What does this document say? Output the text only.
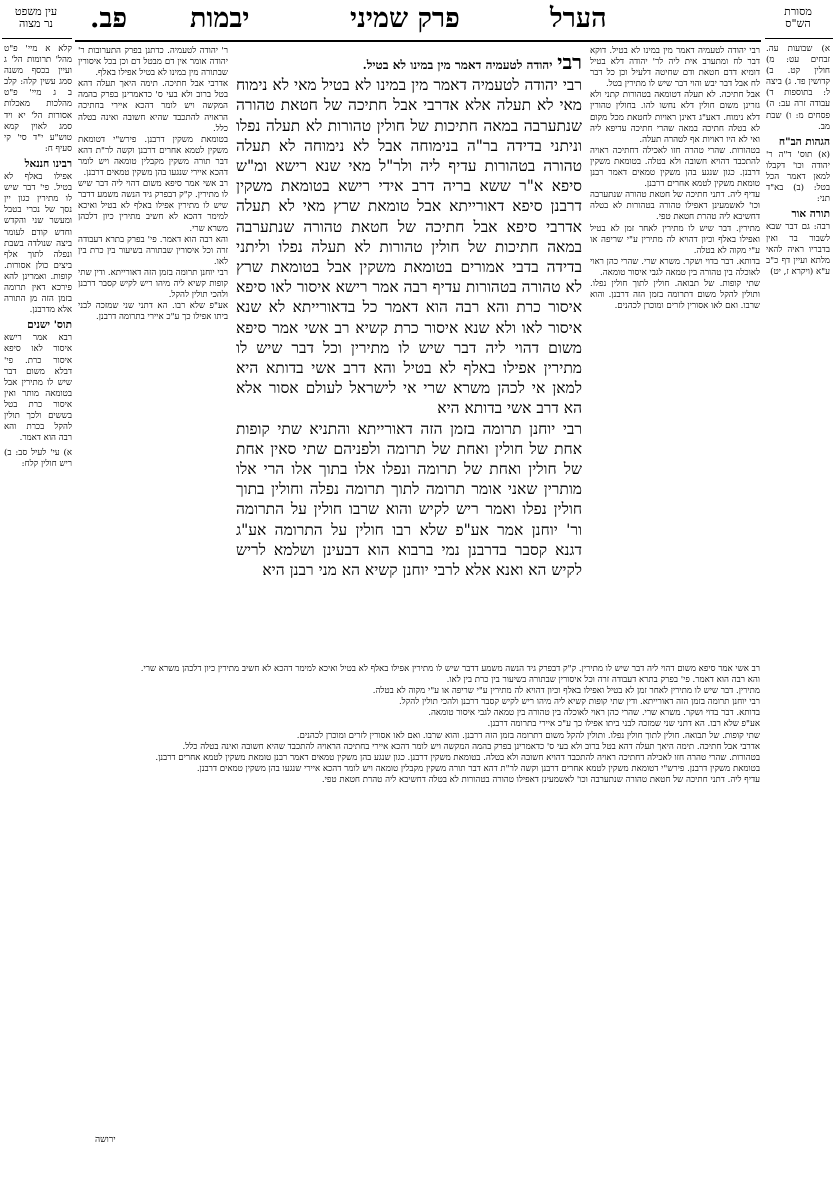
עין משפט
נר מצוה	פב. יבמות	פרק שמיני	הערל	מסורת
הש"ס

קלא א מיי' פ"ט מהל' תרומות הל' ג ועיין בכסף משנה סמג עשין קלה: קלב ב ג מיי' פ"ט מהלכות מאכלות אסורות הל' יא ויד סמג לאוין קמא טוש"ע י"ד סי' קי סעיף ח:

רבינו חננאל

אפילו באלף לא בטיל. פי' דבר שיש לו מתירין כגון יין נסך של נכרי בטבל ומעשר שני והקדש וחדש קודם לעומר ביצה שנולדה בשבת ונפלה לתוך אלף ביצים כולן אסורות. קופות. ואמרינן להא פירכא דאין תרומה בזמן הזה מן התורה אלא מדרבנן.

תוס' ישנים

רבא אמר רישא איסור לאו סיפא איסור כרת. פי' דבלא משום דבר שיש לו מתירין אבל בטומאה מותר ואין איסור כרת בטל בששים ולכך תולין להקל בכרת והא רבה הוא דאמר.

א) עי' לעיל סב: ב) ריש חולין קלח:

ר' יהודה לטעמיה. כדתנן בפרק התערובות ר' יהודה אומר אין דם מבטל דם וכן בכל איסורין שבתורה מין במינו לא בטיל אפילו באלף.

אדרבי אבל חתיכה. תימה היאך תעלה דהא בטל ברוב ולא בעי ס' כדאמרינן בפרק בהמה המקשה ויש לומר דהכא איירי בחתיכה הראויה להתכבד שהיא חשובה ואינה בטלה כלל.

בטומאת משקין דרבנן. פירש"י דטומאת משקין לטמא אחרים דרבנן וקשה לר"ת דהא דבר תורה משקין מקבלין טומאה ויש לומר דהכא איירי שנגעו בהן משקין טמאים דרבנן.

רב אשי אמר סיפא משום דהוי ליה דבר שיש לו מתירין. ק"ק דבפרק גיד הנשה משמע דדבר שיש לו מתירין אפילו באלף לא בטיל ואיכא למימר דהכא לא חשיב מתירין כיון דלכהן משרא שרי.

והא רבה הוא דאמר. פי' בפרק בתרא דעבודה זרה וכל איסורין שבתורה בשיעור בין כרת בין לאו.

רבי יוחנן תרומה בזמן הזה דאורייתא. ודין שתי קופות קשיא ליה מיהו ריש לקיש קסבר דרבנן ולהכי תולין להקל.

אע"פ שלא רבו. הא דתני שני שמזכה לבני ביתו אפילו כך ע"כ איירי בתרומה דרבנן.

רבי יהודה לטעמיה דאמר מין במינו לא בטיל.

רבי יהודה לטעמיה דאמר מין במינו לא בטיל מאי לא נימוח מאי לא תעלה אלא אדרבי אבל חתיכה של חטאת טהורה שנתערבה במאה חתיכות של חולין טהורות לא תעלה נפלו וניתני בדידה בר"ה בנימוחה אבל לא נימוחה לא תעלה טהורה בטהורות עדיף ליה ולר"ל מאי שנא רישא ומ"ש סיפא א"ר ששא בריה דרב אידי רישא בטומאת משקין דרבנן סיפא דאורייתא אבל טומאת שרץ מאי לא תעלה אדרבי סיפא אבל חתיכה של חטאת טהורה שנתערבה במאה חתיכות של חולין טהורות לא תעלה נפלו וליתני בדידה בדבי אמורים בטומאת משקין אבל בטומאת שרץ לא טהורה בטהורות עדיף רבה אמר רישא איסור לאו סיפא איסור כרת והא רבה הוא דאמר כל בדאורייתא לא שנא איסור לאו ולא שנא איסור כרת קשיא רב אשי אמר סיפא משום דהוי ליה דבר שיש לו מתירין וכל דבר שיש לו מתירין אפילו באלף לא בטיל והא דרב אשי בדותא היא למאן אי לכהן משרא שרי אי לישראל לעולם אסור אלא הא דרב אשי בדותא היא

רבי יוחנן תרומה בזמן הזה דאורייתא והתניא שתי קופות אחת של חולין ואחת של תרומה ולפניהם שתי סאין אחת של חולין ואחת של תרומה ונפלו אלו בתוך אלו הרי אלו מותרין שאני אומר תרומה לתוך תרומה נפלה וחולין בתוך חולין נפלו ואמר ריש לקיש והוא שרבו חולין על התרומה ור' יוחנן אמר אע"פ שלא רבו חולין על התרומה אע"ג דגנא קסבר בדרבנן נמי ברבוא הוא דבעינן ושלמא לריש לקיש הא ואנא אלא לרבי יוחנן קשיא הא מני רבנן היא

רבי יהודה לטעמיה דאמר מין במינו לא בטיל. דוקא דבר לח ומתערב אית ליה לר' יהודה דלא בטיל דומיא דדם חטאת ודם שחיטה דלעיל וכן כל דבר לח אבל דבר יבש והוי דבר שיש לו מתירין בטל.

אבל חתיכה. לא תעלה דטומאה בטהורות קתני ולא גזרינן משום חולין דלא נחשו להו. בחולין טהורין דלא נימוח. דאע"ג דאינן ראויות לחטאת מכל מקום לא בטלה חתיכה במאה שהרי חתיכה עדיפא ליה ואי לא היו ראויות אף לטהרה תעלה.

בטהורות. שהרי טהרה חזו לאכילה דחתיכה ראויה להתכבד דהויא חשובה ולא בטלה. בטומאת משקין דרבנן. כגון שנגע בהן משקין טמאים דאמר רבנן טומאת משקין לטמא אחרים דרבנן.

עדיף ליה. דתני חתיכה של חטאת טהורה שנתערבה וכו' לאשמעינן דאפילו טהורה בטהורות לא בטלה דחשיבא ליה טהרת חטאת טפי.

מתירין. דבר שיש לו מתירין לאחר זמן לא בטיל ואפילו באלף וכיון דהויא לה מתירין ע"י שריפה או ע"י מקוה לא בטלה.

בדותא. דבר בדוי ושקר. משרא שרי. שהרי כהן ראוי לאוכלה בין טהורה בין טמאה לגבי איסור טומאה.

שתי קופות. של תבואה. חולין לתוך חולין נפלו. ותולין להקל משום דתרומה בזמן הזה דרבנן. והוא שרבו. ואם לאו אסורין לזרים ומוכרן לכהנים.

א) שבועות עה. זבחים עט: מ) חולין קט. ב) קדושין פד. ג) ביצה ל: בתוספות ד) עבודה זרה עב: ה) פסחים מ: ו) שבת מב.

הגהות הב"ח

(א) תוס' ד"ה ר' יהודה וכו' דקבלו למאן דאמר הכל בטל: (ב) בא"ד תני:

תורה אור

רבה: גם דבר שבא לשבור בר ואין בדבריו ראיה להאי מלתא ועיין דף כ"ב ע"א (ויקרא ז, יט)

רב אשי אמר סיפא משום דהוי ליה דבר שיש לו מתירין. ק"ק דבפרק גיד הנשה משמע דדבר שיש לו מתירין אפילו באלף לא בטיל ואיכא למימר דהכא לא חשיב מתירין כיון דלכהן משרא שרי.

והא רבה הוא דאמר. פי' בפרק בתרא דעבודה זרה וכל איסורין שבתורה בשיעור בין כרת בין לאו.

מתירין. דבר שיש לו מתירין לאחר זמן לא בטיל ואפילו באלף וכיון דהויא לה מתירין ע"י שריפה או ע"י מקוה לא בטלה.

רבי יוחנן תרומה בזמן הזה דאורייתא. ודין שתי קופות קשיא ליה מיהו ריש לקיש קסבר דרבנן ולהכי תולין להקל.

בדותא. דבר בדוי ושקר. משרא שרי. שהרי כהן ראוי לאוכלה בין טהורה בין טמאה לגבי איסור טומאה.

אע"פ שלא רבו. הא דתני שני שמזכה לבני ביתו אפילו כך ע"כ איירי בתרומה דרבנן.

שתי קופות. של תבואה. חולין לתוך חולין נפלו. ותולין להקל משום דתרומה בזמן הזה דרבנן. והוא שרבו. ואם לאו אסורין לזרים ומוכרן לכהנים.

אדרבי אבל חתיכה. תימה היאך תעלה דהא בטל ברוב ולא בעי ס' כדאמרינן בפרק בהמה המקשה ויש לומר דהכא איירי בחתיכה הראויה להתכבד שהיא חשובה ואינה בטלה כלל.

בטהורות. שהרי טהרה חזו לאכילה דחתיכה ראויה להתכבד דהויא חשובה ולא בטלה. בטומאת משקין דרבנן. כגון שנגע בהן משקין טמאים דאמר רבנן טומאת משקין לטמא אחרים דרבנן.

בטומאת משקין דרבנן. פירש"י דטומאת משקין לטמא אחרים דרבנן וקשה לר"ת דהא דבר תורה משקין מקבלין טומאה ויש לומר דהכא איירי שנגעו בהן משקין טמאים דרבנן.

עדיף ליה. דתני חתיכה של חטאת טהורה שנתערבה וכו' לאשמעינן דאפילו טהורה בטהורות לא בטלה דחשיבא ליה טהרת חטאת טפי.

ירושה
